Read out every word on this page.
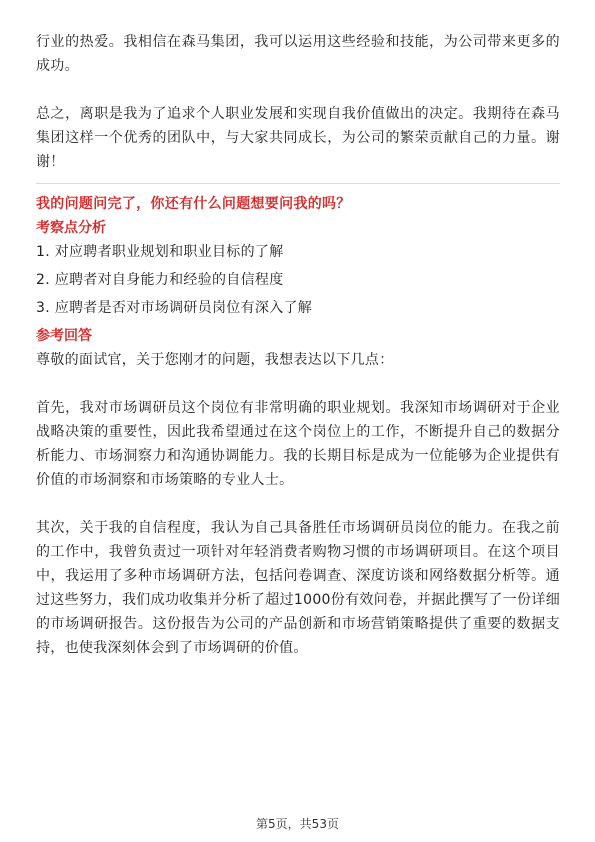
行业的热爱。我相信在森马集团，我可以运用这些经验和技能，为公司带来更多的成功。

总之，离职是我为了追求个人职业发展和实现自我价值做出的决定。我期待在森马集团这样一个优秀的团队中，与大家共同成长，为公司的繁荣贡献自己的力量。谢谢！

我的问题问完了，你还有什么问题想要问我的吗？

考察点分析

1. 对应聘者职业规划和职业目标的了解
2. 应聘者对自身能力和经验的自信程度
3. 应聘者是否对市场调研员岗位有深入了解

参考回答

尊敬的面试官，关于您刚才的问题，我想表达以下几点：

首先，我对市场调研员这个岗位有非常明确的职业规划。我深知市场调研对于企业战略决策的重要性，因此我希望通过在这个岗位上的工作，不断提升自己的数据分析能力、市场洞察力和沟通协调能力。我的长期目标是成为一位能够为企业提供有价值的市场洞察和市场策略的专业人士。

其次，关于我的自信程度，我认为自己具备胜任市场调研员岗位的能力。在我之前的工作中，我曾负责过一项针对年轻消费者购物习惯的市场调研项目。在这个项目中，我运用了多种市场调研方法，包括问卷调查、深度访谈和网络数据分析等。通过这些努力，我们成功收集并分析了超过1000份有效问卷，并据此撰写了一份详细的市场调研报告。这份报告为公司的产品创新和市场营销策略提供了重要的数据支持，也使我深刻体会到了市场调研的价值。

第5页，共53页
